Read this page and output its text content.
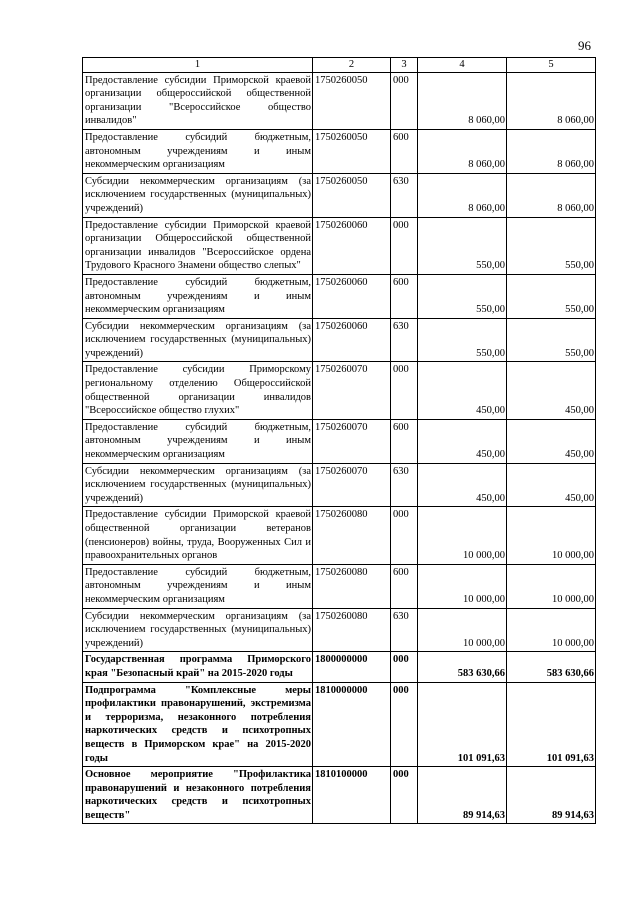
96
1	2	3	4	5
Предоставление субсидии Приморской краевой организации общероссийской общественной организации "Всероссийское общество инвалидов"	1750260050	000	8 060,00	8 060,00
Предоставление субсидий бюджетным, автономным учреждениям и иным некоммерческим организациям	1750260050	600	8 060,00	8 060,00
Субсидии некоммерческим организациям (за исключением государственных (муниципальных) учреждений)	1750260050	630	8 060,00	8 060,00
Предоставление субсидии Приморской краевой организации Общероссийской общественной организации инвалидов "Всероссийское ордена Трудового Красного Знамени общество слепых"	1750260060	000	550,00	550,00
Предоставление субсидий бюджетным, автономным учреждениям и иным некоммерческим организациям	1750260060	600	550,00	550,00
Субсидии некоммерческим организациям (за исключением государственных (муниципальных) учреждений)	1750260060	630	550,00	550,00
Предоставление субсидии Приморскому региональному отделению Общероссийской общественной организации инвалидов "Всероссийское общество глухих"	1750260070	000	450,00	450,00
Предоставление субсидий бюджетным, автономным учреждениям и иным некоммерческим организациям	1750260070	600	450,00	450,00
Субсидии некоммерческим организациям (за исключением государственных (муниципальных) учреждений)	1750260070	630	450,00	450,00
Предоставление субсидии Приморской краевой общественной организации ветеранов (пенсионеров) войны, труда, Вооруженных Сил и правоохранительных органов	1750260080	000	10 000,00	10 000,00
Предоставление субсидий бюджетным, автономным учреждениям и иным некоммерческим организациям	1750260080	600	10 000,00	10 000,00
Субсидии некоммерческим организациям (за исключением государственных (муниципальных) учреждений)	1750260080	630	10 000,00	10 000,00
Государственная программа Приморского края "Безопасный край" на 2015-2020 годы	1800000000	000	583 630,66	583 630,66
Подпрограмма "Комплексные меры профилактики правонарушений, экстремизма и терроризма, незаконного потребления наркотических средств и психотропных веществ в Приморском крае" на 2015-2020 годы	1810000000	000	101 091,63	101 091,63
Основное мероприятие "Профилактика правонарушений и незаконного потребления наркотических средств и психотропных веществ"	1810100000	000	89 914,63	89 914,63
